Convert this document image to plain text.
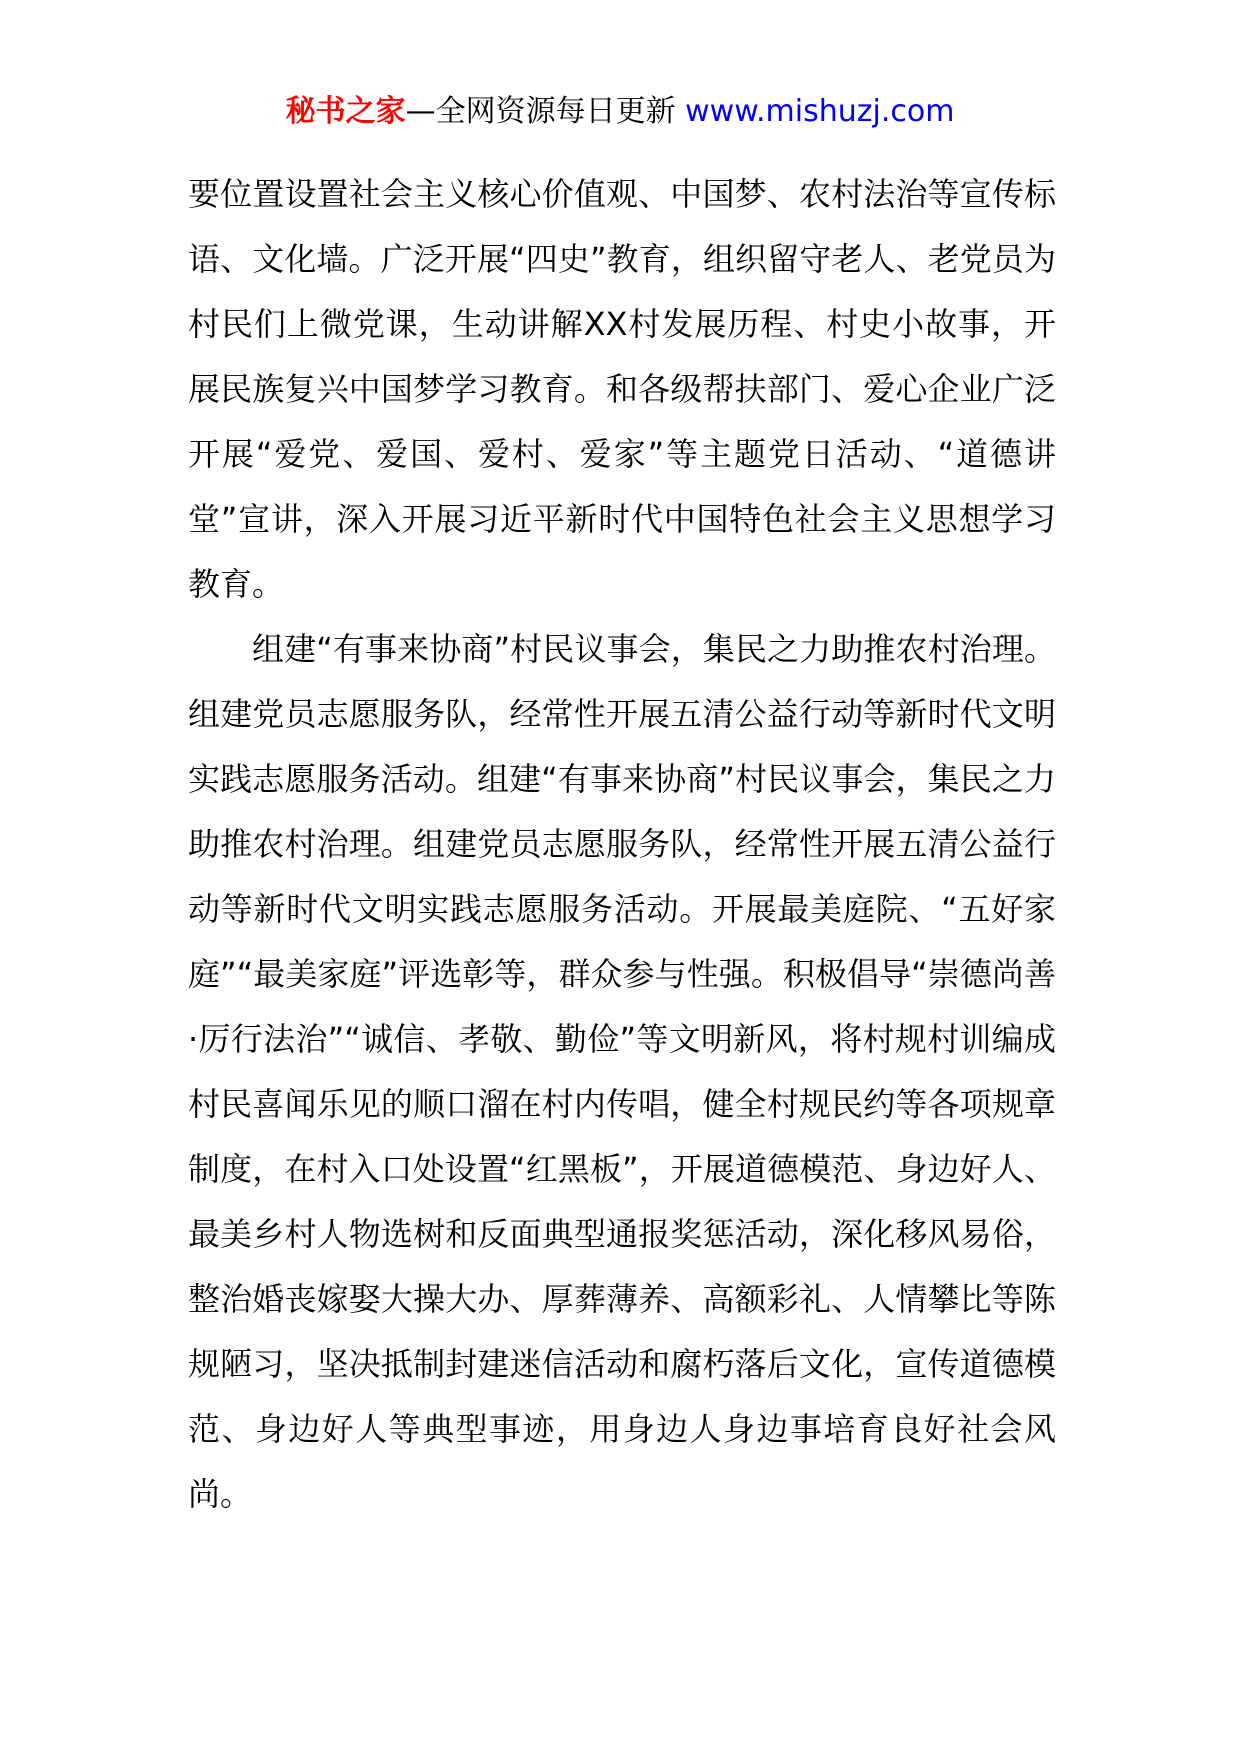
秘书之家—全网资源每日更新 www.mishuzj.com

要位置设置社会主义核心价值观、中国梦、农村法治等宣传标语、文化墙。广泛开展“四史”教育，组织留守老人、老党员为村民们上微党课，生动讲解XX村发展历程、村史小故事，开展民族复兴中国梦学习教育。和各级帮扶部门、爱心企业广泛开展“爱党、爱国、爱村、爱家”等主题党日活动、“道德讲堂”宣讲，深入开展习近平新时代中国特色社会主义思想学习教育。

组建“有事来协商”村民议事会，集民之力助推农村治理。组建党员志愿服务队，经常性开展五清公益行动等新时代文明实践志愿服务活动。组建“有事来协商”村民议事会，集民之力助推农村治理。组建党员志愿服务队，经常性开展五清公益行动等新时代文明实践志愿服务活动。开展最美庭院、“五好家庭”“最美家庭”评选彰等，群众参与性强。积极倡导“崇德尚善·厉行法治”“诚信、孝敬、勤俭”等文明新风，将村规村训编成村民喜闻乐见的顺口溜在村内传唱，健全村规民约等各项规章制度，在村入口处设置“红黑板”，开展道德模范、身边好人、最美乡村人物选树和反面典型通报奖惩活动，深化移风易俗，整治婚丧嫁娶大操大办、厚葬薄养、高额彩礼、人情攀比等陈规陋习，坚决抵制封建迷信活动和腐朽落后文化，宣传道德模范、身边好人等典型事迹，用身边人身边事培育良好社会风尚。
